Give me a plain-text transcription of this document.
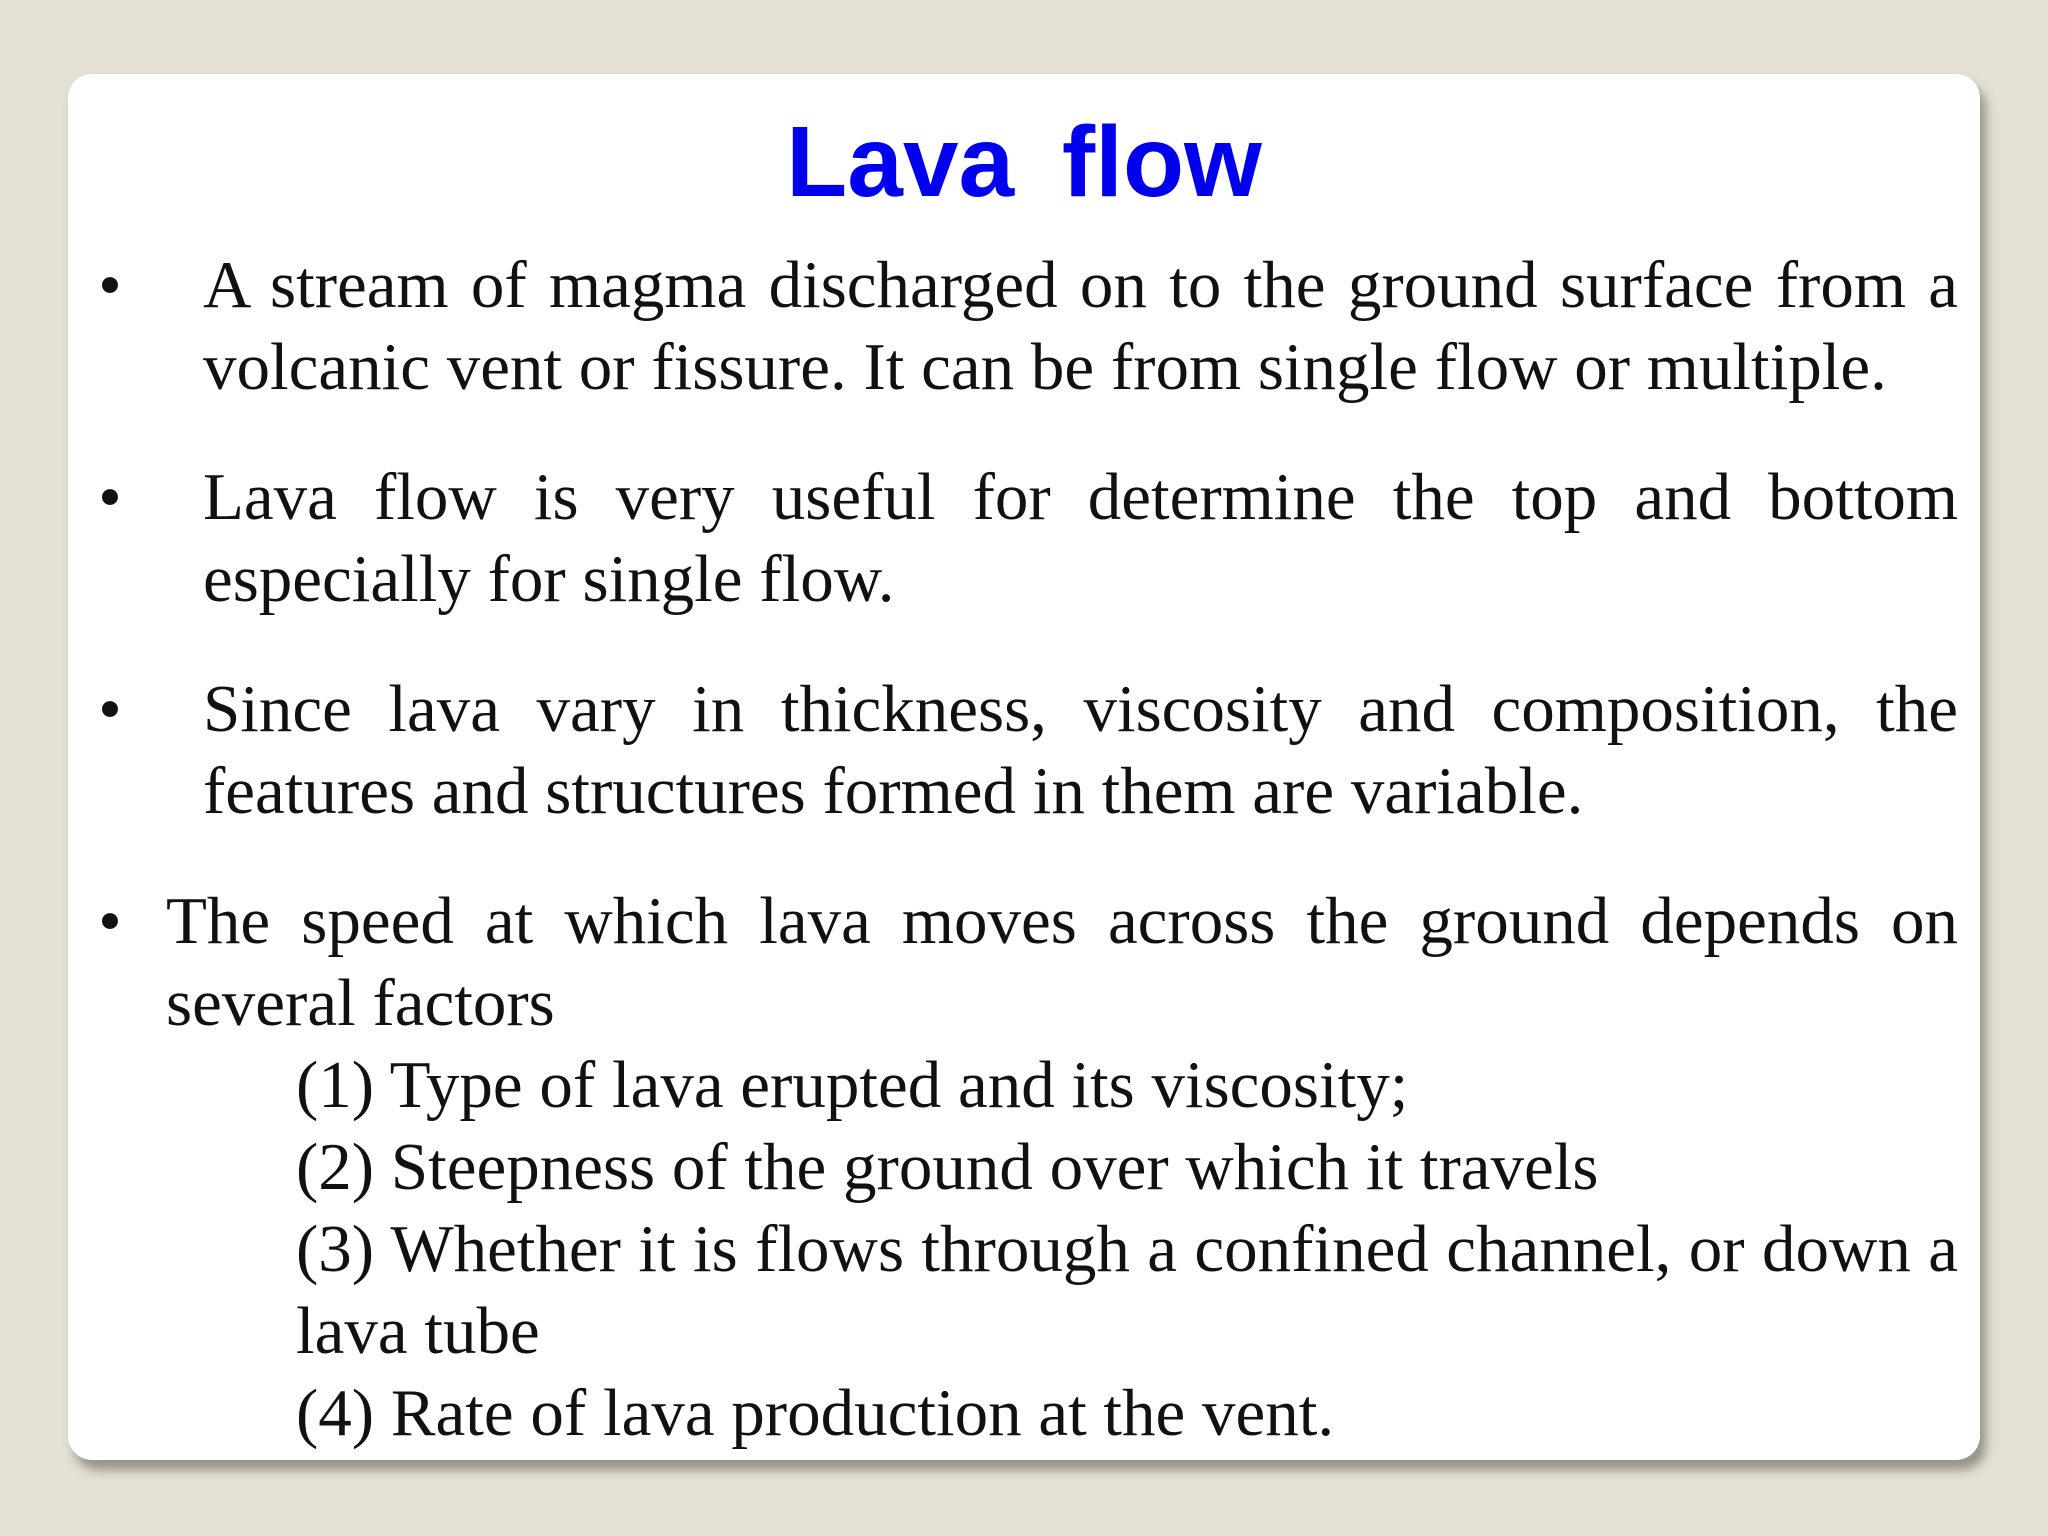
Lava flow
• A stream of magma discharged on to the ground surface from a volcanic vent or fissure. It can be from single flow or multiple.
• Lava flow is very useful for determine the top and bottom especially for single flow.
• Since lava vary in thickness, viscosity and composition, the features and structures formed in them are variable.
• The speed at which lava moves across the ground depends on several factors
(1) Type of lava erupted and its viscosity;
(2) Steepness of the ground over which it travels
(3) Whether it is flows through a confined channel, or down a lava tube
(4) Rate of lava production at the vent.
